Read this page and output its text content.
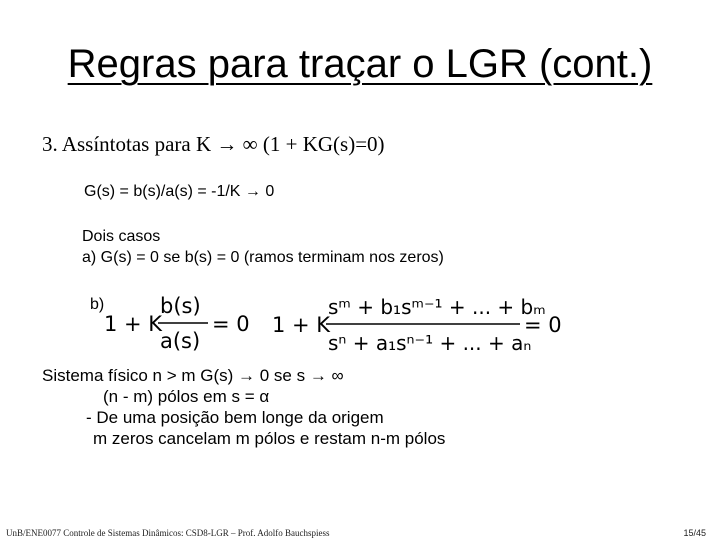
Regras para traçar o LGR (cont.)
3. Assíntotas para K → ∞ (1 + KG(s)=0)
G(s) = b(s)/a(s) = -1/K → 0
Dois casos
a) G(s) = 0 se b(s) = 0 (ramos terminam nos zeros)
b)
1 + K
b(s)
a(s)
= 0 1 + K
sᵐ + b₁sᵐ⁻¹ + ... + bₘ
sⁿ + a₁sⁿ⁻¹ + ... + aₙ
= 0
Sistema físico n > m G(s) → 0 se s → ∞
(n - m) pólos em s = α
- De uma posição bem longe da origem
m zeros cancelam m pólos e restam n-m pólos
UnB/ENE0077 Controle de Sistemas Dinâmicos: CSD8-LGR – Prof. Adolfo Bauchspiess	15/45
